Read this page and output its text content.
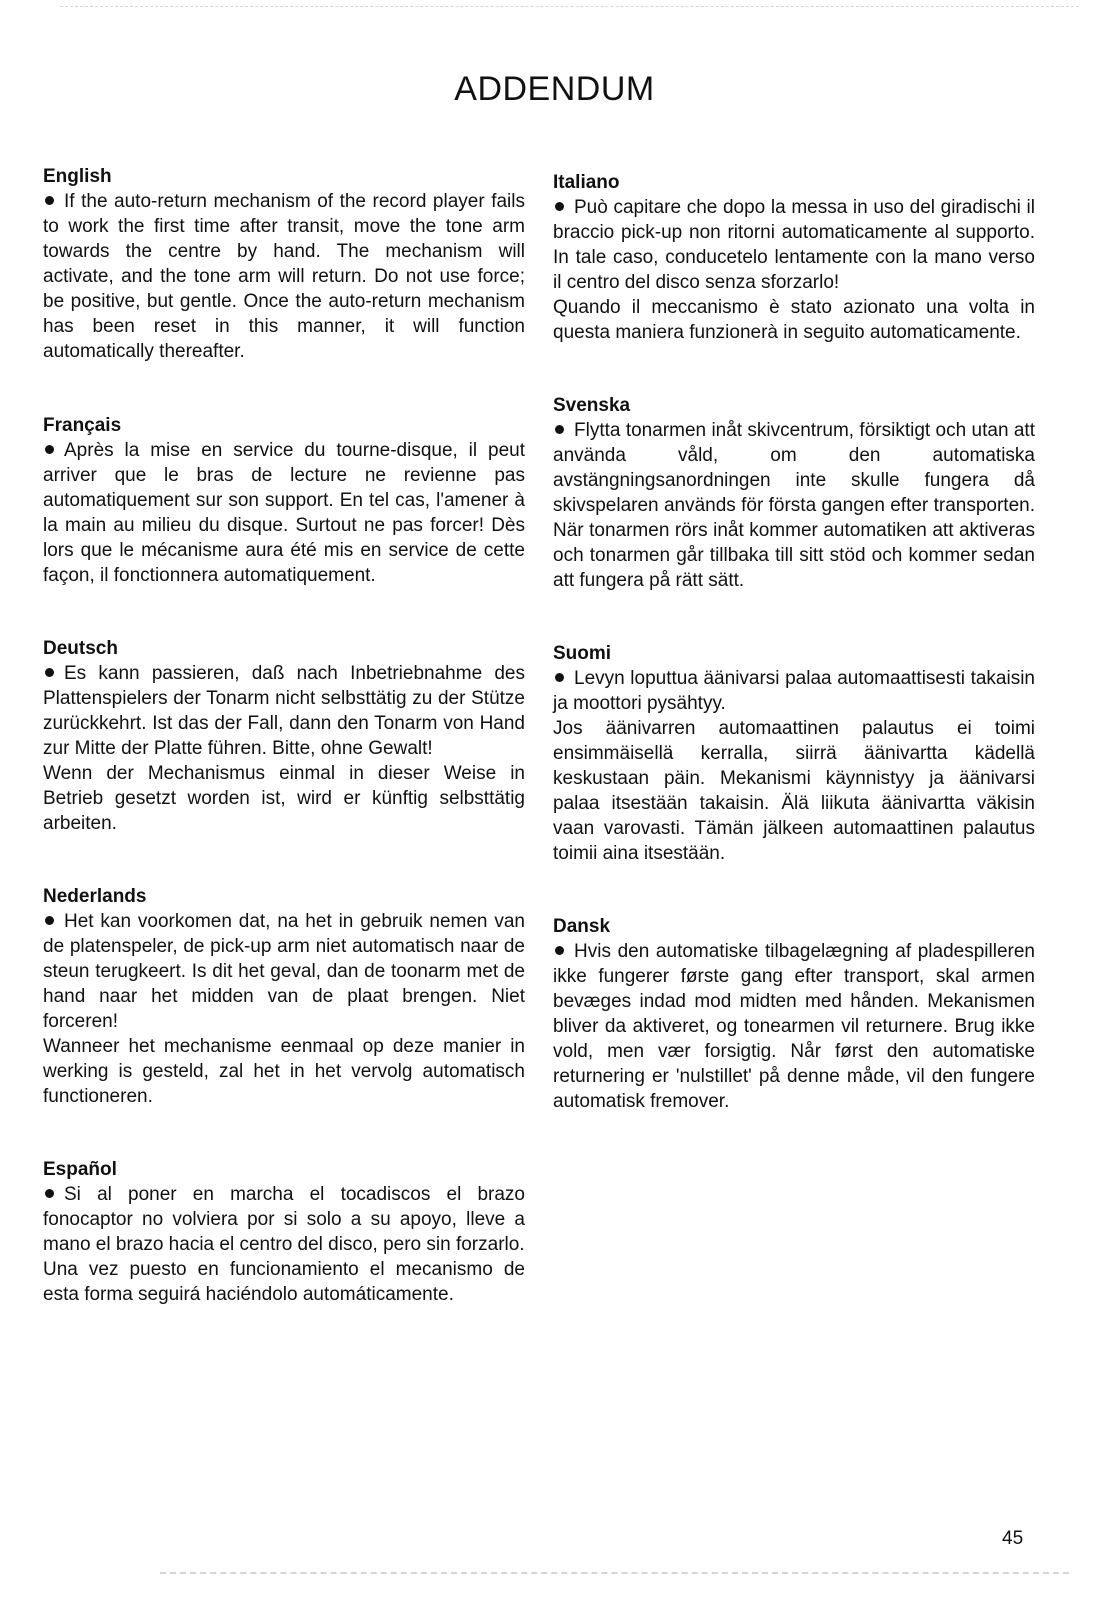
ADDENDUM

English

If the auto-return mechanism of the record player fails to work the first time after transit, move the tone arm towards the centre by hand. The mechanism will activate, and the tone arm will return. Do not use force; be positive, but gentle. Once the auto-return mechanism has been reset in this manner, it will function automatically thereafter.

Français

Après la mise en service du tourne-disque, il peut arriver que le bras de lecture ne revienne pas automatiquement sur son support. En tel cas, l'amener à la main au milieu du disque. Surtout ne pas forcer! Dès lors que le mécanisme aura été mis en service de cette façon, il fonctionnera automatiquement.

Deutsch

Es kann passieren, daß nach Inbetriebnahme des Plattenspielers der Tonarm nicht selbsttätig zu der Stütze zurückkehrt. Ist das der Fall, dann den Tonarm von Hand zur Mitte der Platte führen. Bitte, ohne Gewalt!

Wenn der Mechanismus einmal in dieser Weise in Betrieb gesetzt worden ist, wird er künftig selbsttätig arbeiten.

Nederlands

Het kan voorkomen dat, na het in gebruik nemen van de platenspeler, de pick-up arm niet automatisch naar de steun terugkeert. Is dit het geval, dan de toonarm met de hand naar het midden van de plaat brengen. Niet forceren!

Wanneer het mechanisme eenmaal op deze manier in werking is gesteld, zal het in het vervolg automatisch functioneren.

Español

Si al poner en marcha el tocadiscos el brazo fonocaptor no volviera por si solo a su apoyo, lleve a mano el brazo hacia el centro del disco, pero sin forzarlo.

Una vez puesto en funcionamiento el mecanismo de esta forma seguirá haciéndolo automáticamente.

Italiano

Può capitare che dopo la messa in uso del giradischi il braccio pick-up non ritorni automaticamente al supporto. In tale caso, conducetelo lentamente con la mano verso il centro del disco senza sforzarlo!

Quando il meccanismo è stato azionato una volta in questa maniera funzionerà in seguito automaticamente.

Svenska

Flytta tonarmen inåt skivcentrum, försiktigt och utan att använda våld, om den automatiska avstängningsanordningen inte skulle fungera då skivspelaren används för första gangen efter transporten. När tonarmen rörs inåt kommer automatiken att aktiveras och tonarmen går tillbaka till sitt stöd och kommer sedan att fungera på rätt sätt.

Suomi

Levyn loputtua äänivarsi palaa automaattisesti takaisin ja moottori pysähtyy.

Jos äänivarren automaattinen palautus ei toimi ensimmäisellä kerralla, siirrä äänivartta kädellä keskustaan päin. Mekanismi käynnistyy ja äänivarsi palaa itsestään takaisin. Älä liikuta äänivartta väkisin vaan varovasti. Tämän jälkeen automaattinen palautus toimii aina itsestään.

Dansk

Hvis den automatiske tilbagelægning af pladespilleren ikke fungerer første gang efter transport, skal armen bevæges indad mod midten med hånden. Mekanismen bliver da aktiveret, og tonearmen vil returnere. Brug ikke vold, men vær forsigtig. Når først den automatiske returnering er 'nulstillet' på denne måde, vil den fungere automatisk fremover.

45
